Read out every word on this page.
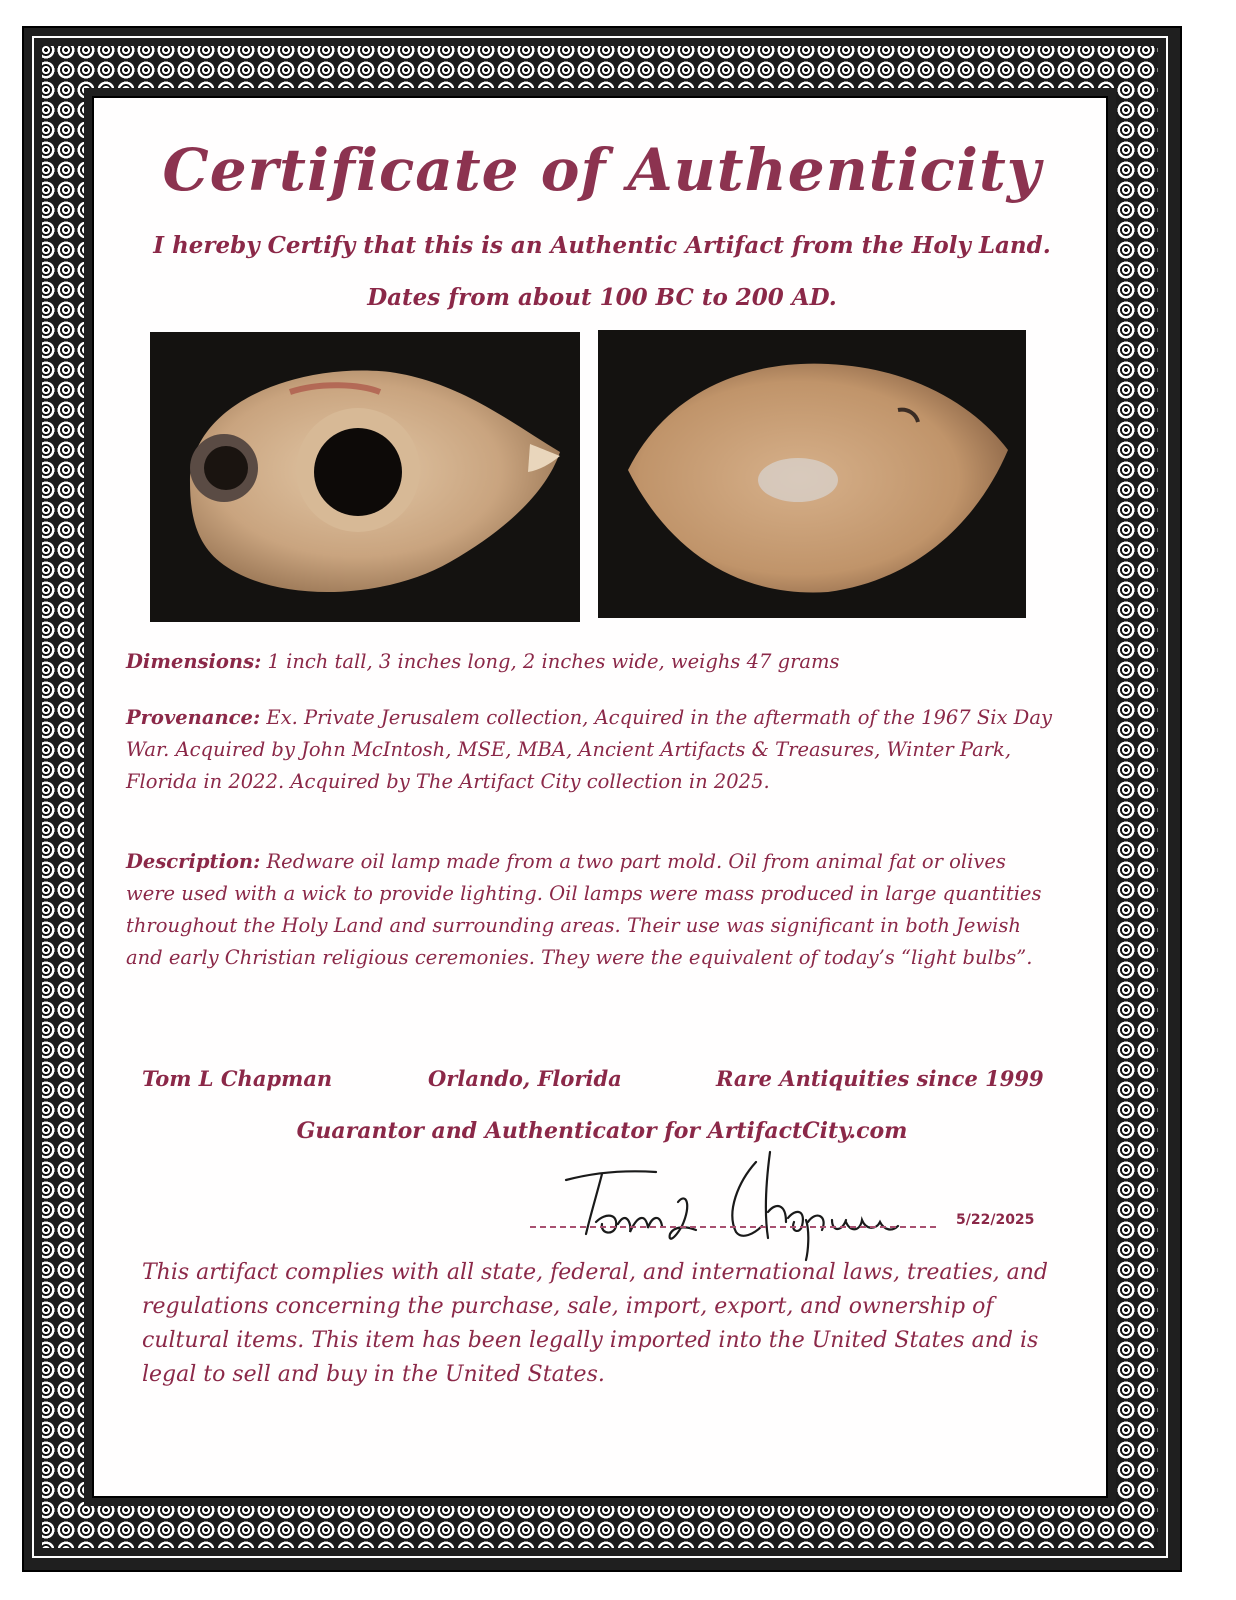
Certificate of Authenticity
I hereby Certify that this is an Authentic Artifact from the Holy Land.
Dates from about 100 BC to 200 AD.
Dimensions: 1 inch tall, 3 inches long, 2 inches wide, weighs 47 grams
Provenance: Ex. Private Jerusalem collection, Acquired in the aftermath of the 1967 Six Day War. Acquired by John McIntosh, MSE, MBA, Ancient Artifacts & Treasures, Winter Park, Florida in 2022. Acquired by The Artifact City collection in 2025.
Description: Redware oil lamp made from a two part mold. Oil from animal fat or olives were used with a wick to provide lighting. Oil lamps were mass produced in large quantities throughout the Holy Land and surrounding areas. Their use was significant in both Jewish and early Christian religious ceremonies. They were the equivalent of today’s “light bulbs”.
Tom L Chapman	Orlando, Florida	Rare Antiquities since 1999
Guarantor and Authenticator for ArtifactCity.com
5/22/2025
This artifact complies with all state, federal, and international laws, treaties, and regulations concerning the purchase, sale, import, export, and ownership of cultural items. This item has been legally imported into the United States and is legal to sell and buy in the United States.
